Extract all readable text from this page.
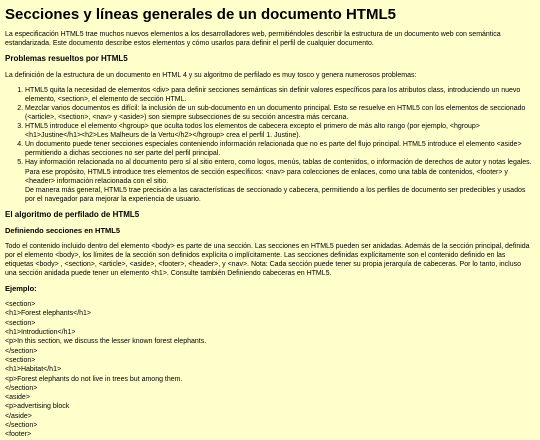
Secciones y líneas generales de un documento HTML5

La especificación HTML5 trae muchos nuevos elementos a los desarrolladores web, permitiéndoles describir la estructura de un documento web con semántica estandarizada. Este documento describe estos elementos y cómo usarlos para definir el perfil de cualquier documento.

Problemas resueltos por HTML5

La definición de la estructura de un documento en HTML 4 y su algoritmo de perfilado es muy tosco y genera numerosos problemas:

1. HTML5 quita la necesidad de elementos <div> para definir secciones semánticas sin definir valores específicos para los atributos class, introduciendo un nuevo elemento, <section>, el elemento de sección HTML.
2. Mezclar varios documentos es difícil: la inclusión de un sub-documento en un documento principal. Esto se resuelve en HTML5 con los elementos de seccionado (<article>, <section>, <nav> y <aside>) son siempre subsecciones de su sección ancestra más cercana.
3. HTML5 introduce el elemento <hgroup> que oculta todos los elementos de cabecera excepto el primero de más alto rango (por ejemplo, <hgroup><h1>Justine</h1><h2>Les Malheurs de la Vertu</h2></hgroup> crea el perfil 1. Justine).
4. Un documento puede tener secciones especiales conteniendo información relacionada que no es parte del flujo principal. HTML5 introduce el elemento <aside> permitiendo a dichas secciones no ser parte del perfil principal.
5. Hay información relacionada no al documento pero sí al sitio entero, como logos, menús, tablas de contenidos, o información de derechos de autor y notas legales. Para ese propósito, HTML5 introduce tres elementos de sección específicos: <nav> para colecciones de enlaces, como una tabla de contenidos, <footer> y <header> información relacionada con el sitio.
De manera más general, HTML5 trae precisión a las características de seccionado y cabecera, permitiendo a los perfiles de documento ser predecibles y usados por el navegador para mejorar la experiencia de usuario.
El algoritmo de perfilado de HTML5
Definiendo secciones en HTML5

Todo el contenido incluido dentro del elemento <body> es parte de una sección. Las secciones en HTML5 pueden ser anidadas. Además de la sección principal, definida por el elemento <body>, los límites de la sección son definidos explícita o implícitamente. Las secciones definidas explícitamente son el contenido definido en las etiquetas <body> , <section>, <article>, <aside>, <footer>, <header>, y <nav>. Nota: Cada sección puede tener su propia jerarquía de cabeceras. Por lo tanto, incluso una sección anidada puede tener un elemento <h1>. Consulte también Definiendo cabeceras en HTML5.

Ejemplo:
<section>
<h1>Forest elephants</h1>
<section>
<h1>Introduction</h1>
<p>In this section, we discuss the lesser known forest elephants.
</section>
<section>
<h1>Habitat</h1>
<p>Forest elephants do not live in trees but among them.
</section>
<aside>
<p>advertising block
</aside>
</section>
<footer>
